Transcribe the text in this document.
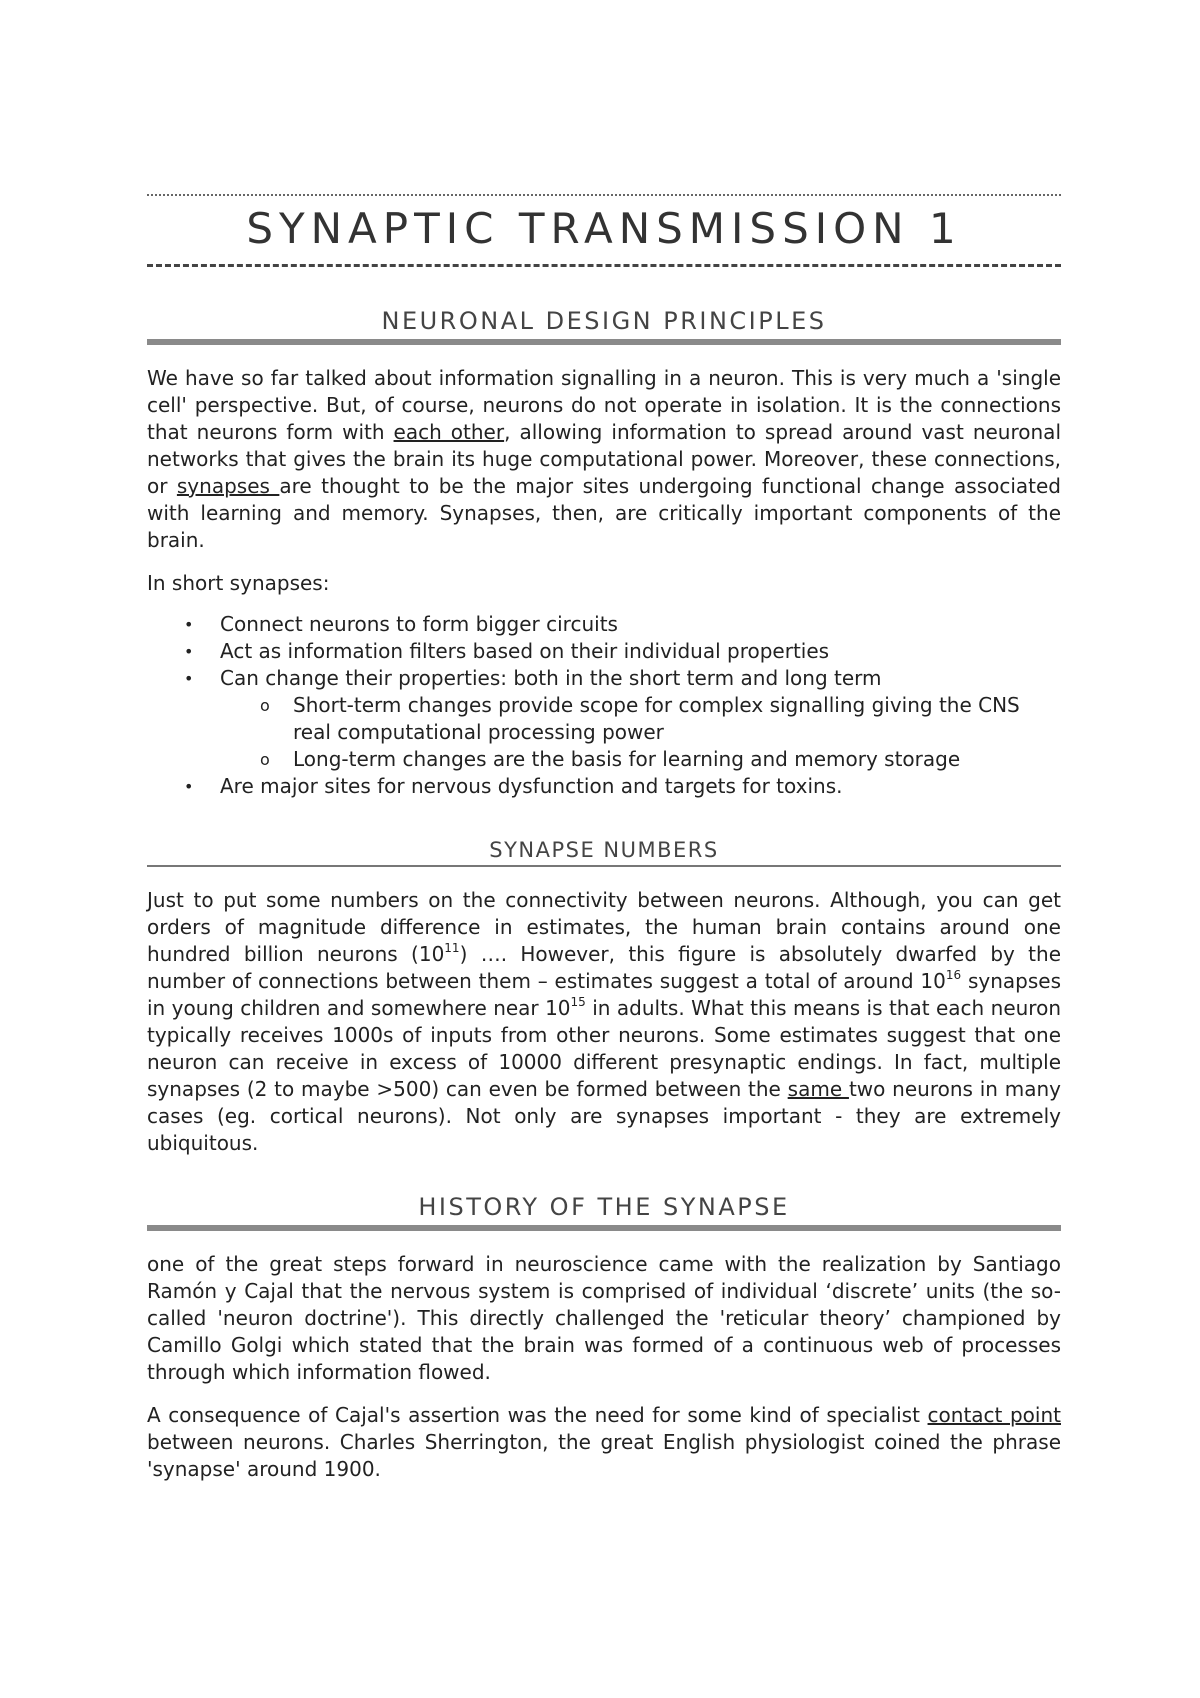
SYNAPTIC TRANSMISSION 1
NEURONAL DESIGN PRINCIPLES

We have so far talked about information signalling in a neuron. This is very much a 'single cell' perspective. But, of course, neurons do not operate in isolation. It is the connections that neurons form with each other, allowing information to spread around vast neuronal networks that gives the brain its huge computational power. Moreover, these connections, or synapses are thought to be the major sites undergoing functional change associated with learning and memory. Synapses, then, are critically important components of the brain.

In short synapses:

• Connect neurons to form bigger circuits
• Act as information filters based on their individual properties
• Can change their properties: both in the short term and long term
o Short-term changes provide scope for complex signalling giving the CNS real computational processing power
o Long-term changes are the basis for learning and memory storage
• Are major sites for nervous dysfunction and targets for toxins.
SYNAPSE NUMBERS

Just to put some numbers on the connectivity between neurons. Although, you can get orders of magnitude difference in estimates, the human brain contains around one hundred billion neurons $(10^{11})$ …. However, this figure is absolutely dwarfed by the number of connections between them – estimates suggest a total of around $10^{16}$ synapses in young children and somewhere near $10^{15}$ in adults. What this means is that each neuron typically receives 1000s of inputs from other neurons. Some estimates suggest that one neuron can receive in excess of 10000 different presynaptic endings. In fact, multiple synapses (2 to maybe >500) can even be formed between the same two neurons in many cases (eg. cortical neurons). Not only are synapses important - they are extremely ubiquitous.

HISTORY OF THE SYNAPSE

one of the great steps forward in neuroscience came with the realization by Santiago Ramón y Cajal that the nervous system is comprised of individual ‘discrete’ units (the so-called 'neuron doctrine'). This directly challenged the 'reticular theory’ championed by Camillo Golgi which stated that the brain was formed of a continuous web of processes through which information flowed.

A consequence of Cajal's assertion was the need for some kind of specialist contact point between neurons. Charles Sherrington, the great English physiologist coined the phrase 'synapse' around 1900.
